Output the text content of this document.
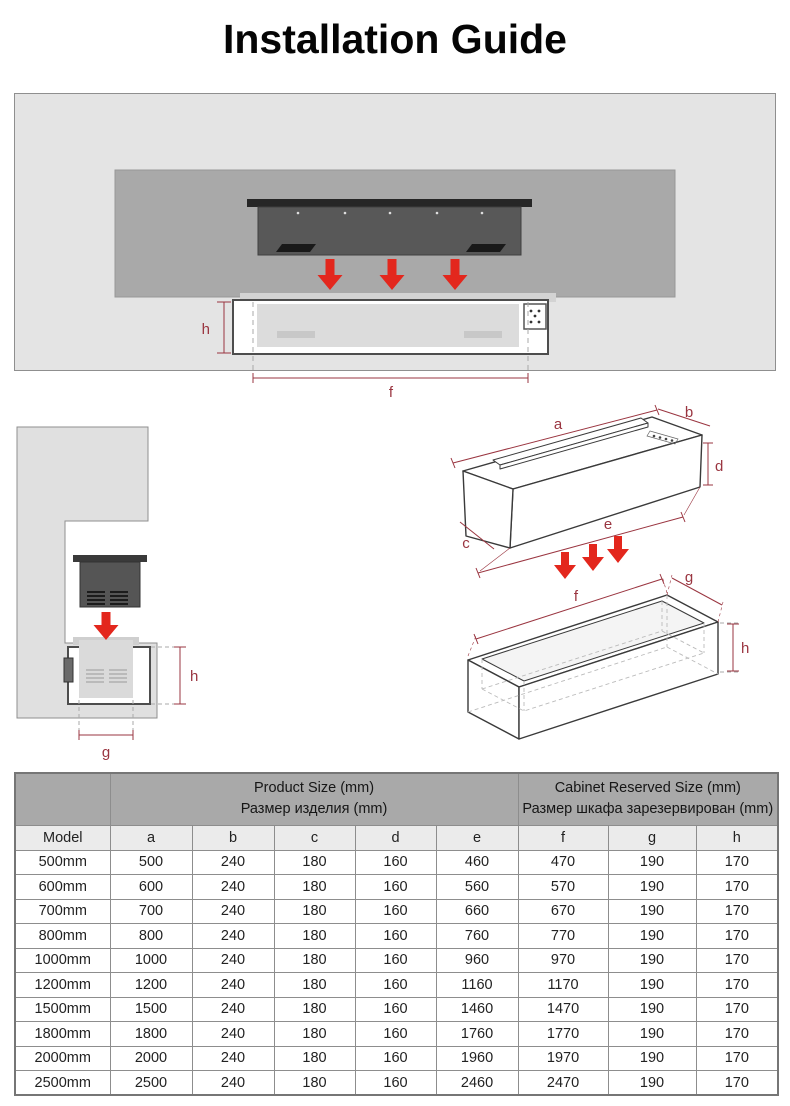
Installation Guide
h
f
h
g
a
b
c
d
e
f
g
h

Product Size (mm)
Размер изделия (mm)

Cabinet Reserved Size (mm)
Размер шкафа зарезервирован (mm)

Model	a	b	c	d	e	f	g	h
500mm	500	240	180	160	460	470	190	170
600mm	600	240	180	160	560	570	190	170
700mm	700	240	180	160	660	670	190	170
800mm	800	240	180	160	760	770	190	170
1000mm	1000	240	180	160	960	970	190	170
1200mm	1200	240	180	160	1160	1170	190	170
1500mm	1500	240	180	160	1460	1470	190	170
1800mm	1800	240	180	160	1760	1770	190	170
2000mm	2000	240	180	160	1960	1970	190	170
2500mm	2500	240	180	160	2460	2470	190	170
